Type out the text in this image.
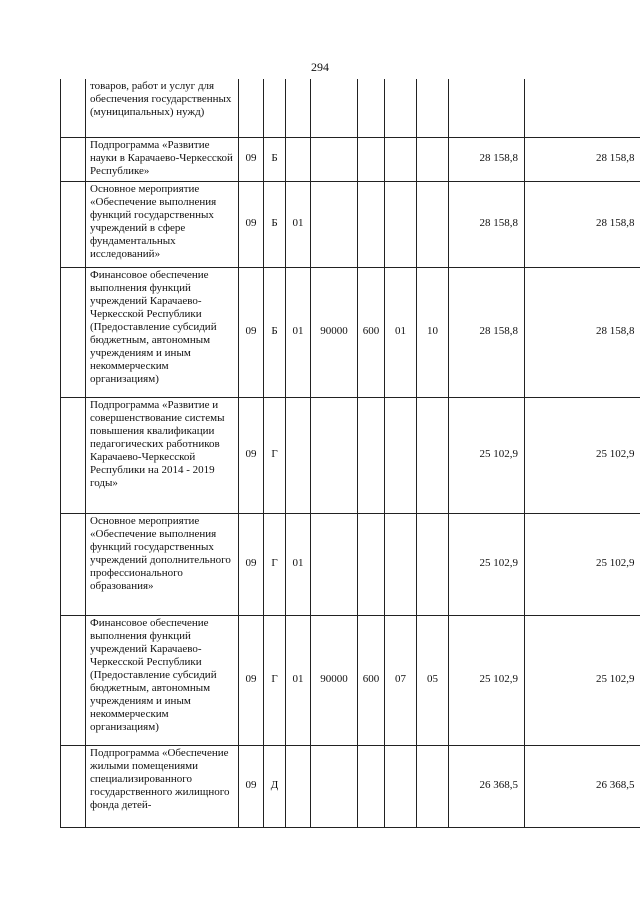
294
	товаров, работ и услуг для обеспечения государственных (муниципальных) нужд)									
	Подпрограмма «Развитие науки в Карачаево-Черкесской Республике»	09	Б						28 158,8	28 158,8
	Основное мероприятие «Обеспечение выполнения функций государственных учреждений в сфере фундаментальных исследований»	09	Б	01					28 158,8	28 158,8
	Финансовое обеспечение выполнения функций учреждений Карачаево-Черкесской Республики (Предоставление субсидий бюджетным, автономным учреждениям и иным некоммерческим организациям)	09	Б	01	90000	600	01	10	28 158,8	28 158,8
	Подпрограмма «Развитие и совершенствование системы повышения квалификации педагогических работников Карачаево-Черкесской Республики на 2014 - 2019 годы»	09	Г						25 102,9	25 102,9
	Основное мероприятие «Обеспечение выполнения функций государственных учреждений дополнительного профессионального образования»	09	Г	01					25 102,9	25 102,9
	Финансовое обеспечение выполнения функций учреждений Карачаево-Черкесской Республики (Предоставление субсидий бюджетным, автономным учреждениям и иным некоммерческим организациям)	09	Г	01	90000	600	07	05	25 102,9	25 102,9
	Подпрограмма «Обеспечение жилыми помещениями специализированного государственного жилищного фонда детей-	09	Д						26 368,5	26 368,5
